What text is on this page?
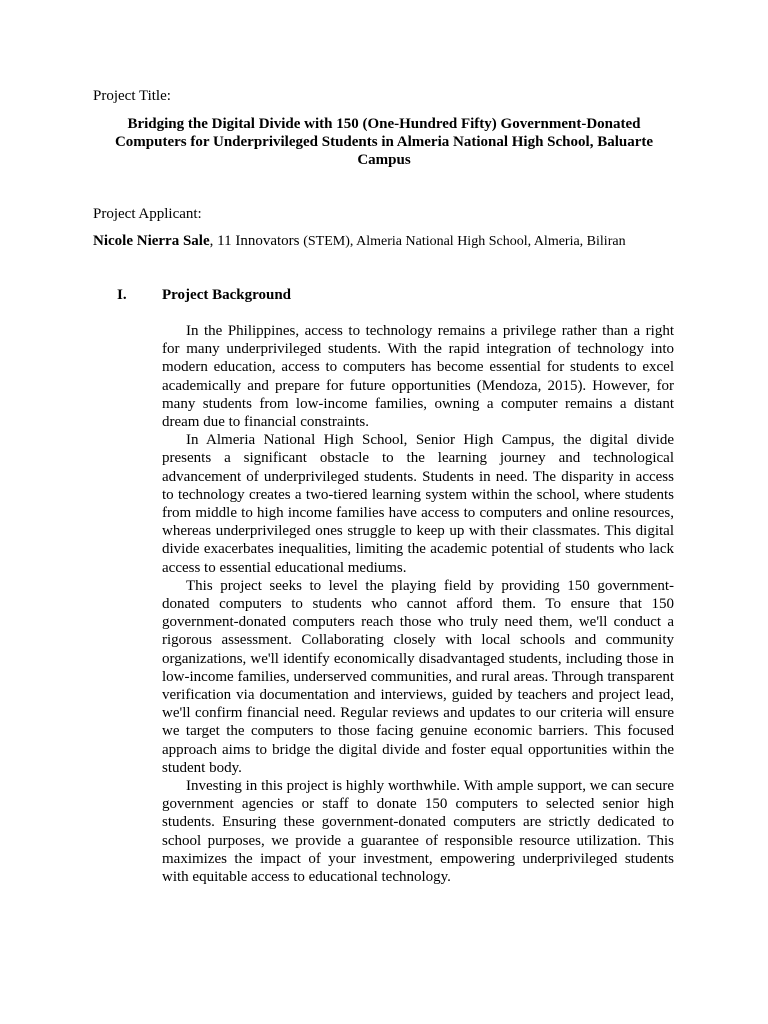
Project Title:

Bridging the Digital Divide with 150 (One-Hundred Fifty) Government-Donated Computers for Underprivileged Students in Almeria National High School, Baluarte Campus

Project Applicant:

Nicole Nierra Sale, 11 Innovators (STEM), Almeria National High School, Almeria, Biliran

I. Project Background

In the Philippines, access to technology remains a privilege rather than a right for many underprivileged students. With the rapid integration of technology into modern education, access to computers has become essential for students to excel academically and prepare for future opportunities (Mendoza, 2015). However, for many students from low-income families, owning a computer remains a distant dream due to financial constraints.

In Almeria National High School, Senior High Campus, the digital divide presents a significant obstacle to the learning journey and technological advancement of underprivileged students. Students in need. The disparity in access to technology creates a two-tiered learning system within the school, where students from middle to high income families have access to computers and online resources, whereas underprivileged ones struggle to keep up with their classmates. This digital divide exacerbates inequalities, limiting the academic potential of students who lack access to essential educational mediums.

This project seeks to level the playing field by providing 150 government-donated computers to students who cannot afford them. To ensure that 150 government-donated computers reach those who truly need them, we'll conduct a rigorous assessment. Collaborating closely with local schools and community organizations, we'll identify economically disadvantaged students, including those in low-income families, underserved communities, and rural areas. Through transparent verification via documentation and interviews, guided by teachers and project lead, we'll confirm financial need. Regular reviews and updates to our criteria will ensure we target the computers to those facing genuine economic barriers. This focused approach aims to bridge the digital divide and foster equal opportunities within the student body.

Investing in this project is highly worthwhile. With ample support, we can secure government agencies or staff to donate 150 computers to selected senior high students. Ensuring these government-donated computers are strictly dedicated to school purposes, we provide a guarantee of responsible resource utilization. This maximizes the impact of your investment, empowering underprivileged students with equitable access to educational technology.
